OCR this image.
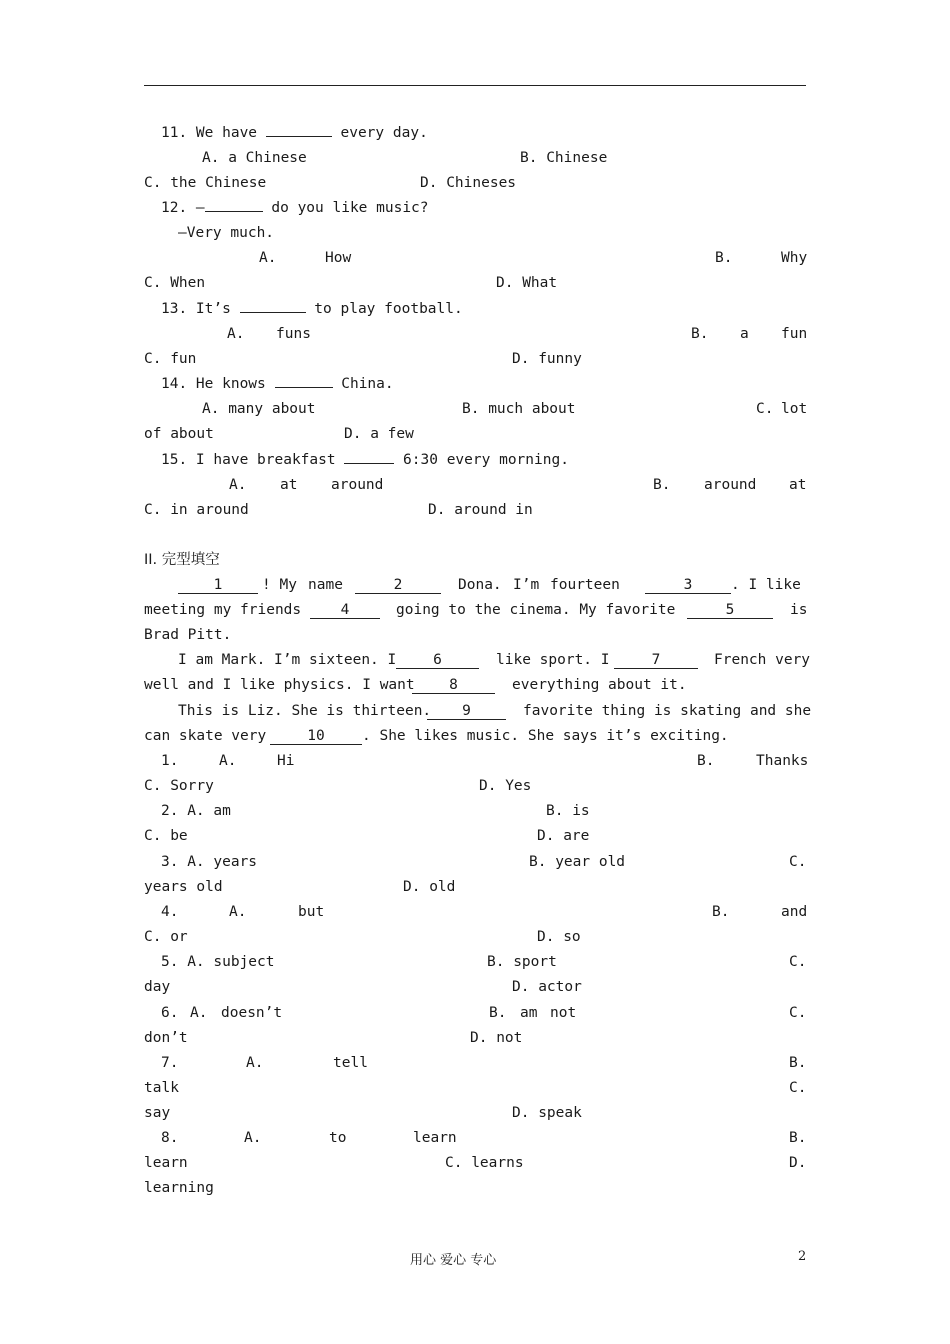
11. We have	every day.
A. a Chinese	B. Chinese
C. the Chinese	D. Chineses
12. —	do you like music?
—Very much.
A.	How	B.	Why
C. When	D. What
13. It’s	to play football.
A. funs	B. a fun
C. fun	D. funny
14. He knows	China.
A. many about	B. much about	C. lot
of about	D. a few
15. I have breakfast	6:30 every morning.
A. at around	B. around at
C. in around	D. around in
II. 完型填空
1	! My name	2	Dona. I’m fourteen	3	. I like
meeting my friends	4	going to the cinema. My favorite	5	is
Brad Pitt.
I am Mark. I’m sixteen. I	6	like sport. I	7	French very
well and I like physics. I want	8	everything about it.
This is Liz. She is thirteen.	9	favorite thing is skating and she
can skate very	10	. She likes music. She says it’s exciting.
1.	A.	Hi	B.	Thanks
C. Sorry	D. Yes
2. A. am	B. is
C. be	D. are
3. A. years	B. year old	C.
years old	D. old
4.	A.	but	B.	and
C. or	D. so
5. A. subject	B. sport	C.
day	D. actor
6. A. doesn’t	B. am not	C.
don’t	D. not
7.	A.	tell	B.
talk	C.
say	D. speak
8.	A.	to	learn	B.
learn	C. learns	D.
learning
用心 爱心 专心	2
